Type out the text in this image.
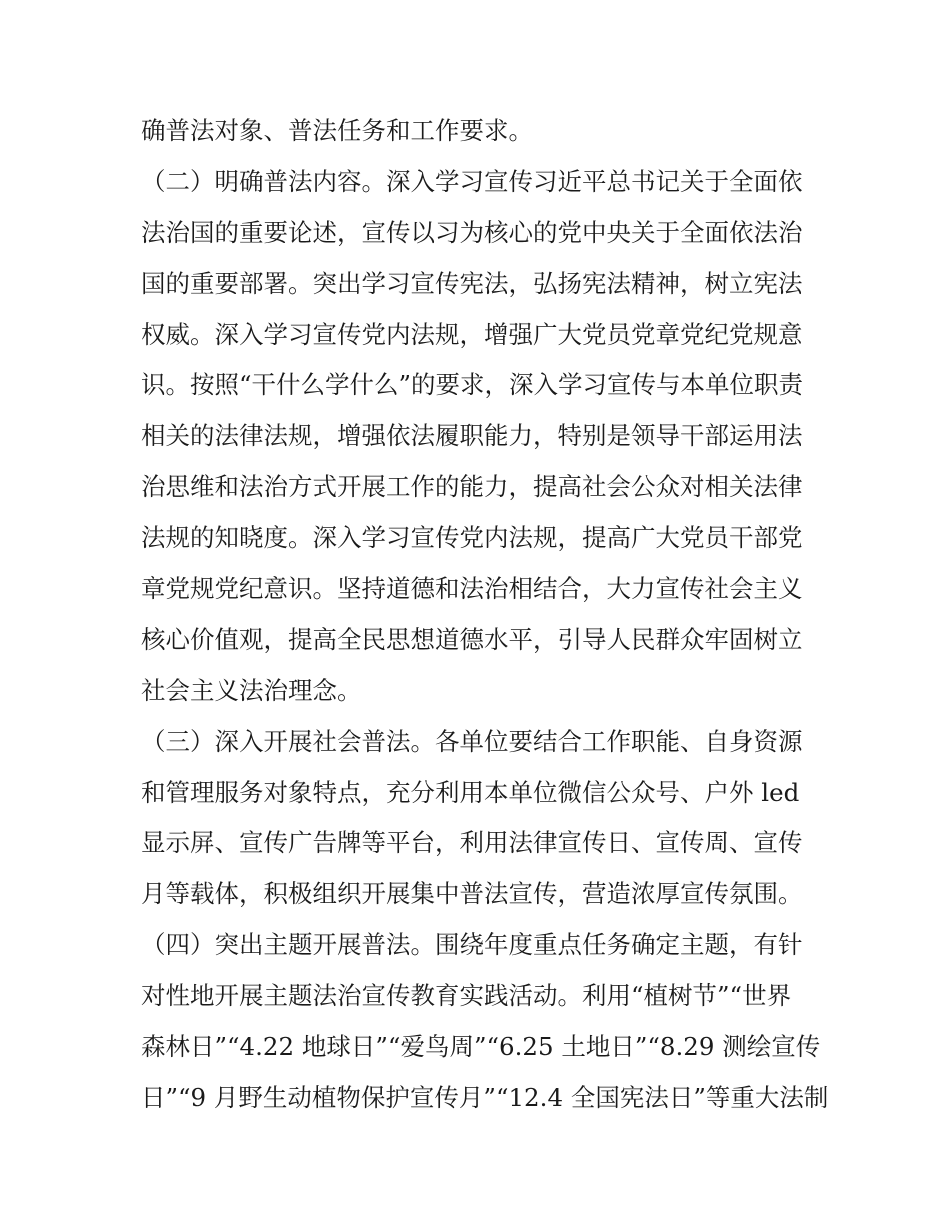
确普法对象、普法任务和工作要求。
（二）明确普法内容。深入学习宣传习近平总书记关于全面依
法治国的重要论述，宣传以习为核心的党中央关于全面依法治
国的重要部署。突出学习宣传宪法，弘扬宪法精神，树立宪法
权威。深入学习宣传党内法规，增强广大党员党章党纪党规意
识。按照“干什么学什么”的要求，深入学习宣传与本单位职责
相关的法律法规，增强依法履职能力，特别是领导干部运用法
治思维和法治方式开展工作的能力，提高社会公众对相关法律
法规的知晓度。深入学习宣传党内法规，提高广大党员干部党
章党规党纪意识。坚持道德和法治相结合，大力宣传社会主义
核心价值观，提高全民思想道德水平，引导人民群众牢固树立
社会主义法治理念。
（三）深入开展社会普法。各单位要结合工作职能、自身资源
和管理服务对象特点，充分利用本单位微信公众号、户外 led
显示屏、宣传广告牌等平台，利用法律宣传日、宣传周、宣传
月等载体，积极组织开展集中普法宣传，营造浓厚宣传氛围。
（四）突出主题开展普法。围绕年度重点任务确定主题，有针
对性地开展主题法治宣传教育实践活动。利用“植树节”“世界
森林日”“4.22 地球日”“爱鸟周”“6.25 土地日”“8.29 测绘宣传
日”“9 月野生动植物保护宣传月”“12.4 全国宪法日”等重大法制
